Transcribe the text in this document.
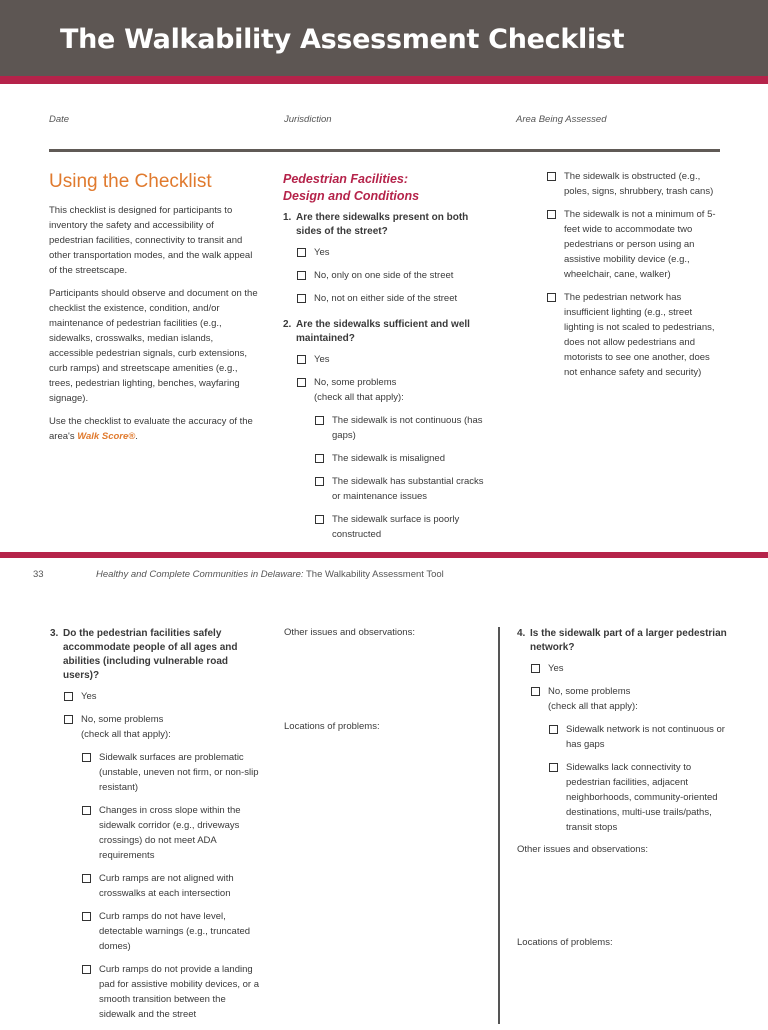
The Walkability Assessment Checklist
Date	Jurisdiction	Area Being Assessed
Using the Checklist

This checklist is designed for participants to inventory the safety and accessibility of pedestrian facilities, connectivity to transit and other transportation modes, and the walk appeal of the streetscape.

Participants should observe and document on the checklist the existence, condition, and/or maintenance of pedestrian facilities (e.g., sidewalks, crosswalks, median islands, accessible pedestrian signals, curb extensions, curb ramps) and streetscape amenities (e.g., trees, pedestrian lighting, benches, wayfaring signage).

Use the checklist to evaluate the accuracy of the area's Walk Score®.

Pedestrian Facilities:
Design and Conditions
1. Are there sidewalks present on both sides of the street?
Yes
No, only on one side of the street
No, not on either side of the street
2. Are the sidewalks sufficient and well maintained?
Yes
No, some problems
(check all that apply):
The sidewalk is not continuous (has gaps)
The sidewalk is misaligned
The sidewalk has substantial cracks or maintenance issues
The sidewalk surface is poorly constructed
The sidewalk is obstructed (e.g., poles, signs, shrubbery, trash cans)
The sidewalk is not a minimum of 5-feet wide to accommodate two pedestrians or person using an assistive mobility device (e.g., wheelchair, cane, walker)
The pedestrian network has insufficient lighting (e.g., street lighting is not scaled to pedestrians, does not allow pedestrians and motorists to see one another, does not enhance safety and security)
33	Healthy and Complete Communities in Delaware: The Walkability Assessment Tool
3. Do the pedestrian facilities safely accommodate people of all ages and abilities (including vulnerable road users)?
Yes
No, some problems
(check all that apply):
Sidewalk surfaces are problematic (unstable, uneven not firm, or non-slip resistant)
Changes in cross slope within the sidewalk corridor (e.g., driveways crossings) do not meet ADA requirements
Curb ramps are not aligned with crosswalks at each intersection
Curb ramps do not have level, detectable warnings (e.g., truncated domes)
Curb ramps do not provide a landing pad for assistive mobility devices, or a smooth transition between the sidewalk and the street
Other issues and observations:
Locations of problems:
4. Is the sidewalk part of a larger pedestrian network?
Yes
No, some problems
(check all that apply):
Sidewalk network is not continuous or has gaps
Sidewalks lack connectivity to pedestrian facilities, adjacent neighborhoods, community-oriented destinations, multi-use trails/paths, transit stops
Other issues and observations:
Locations of problems:
